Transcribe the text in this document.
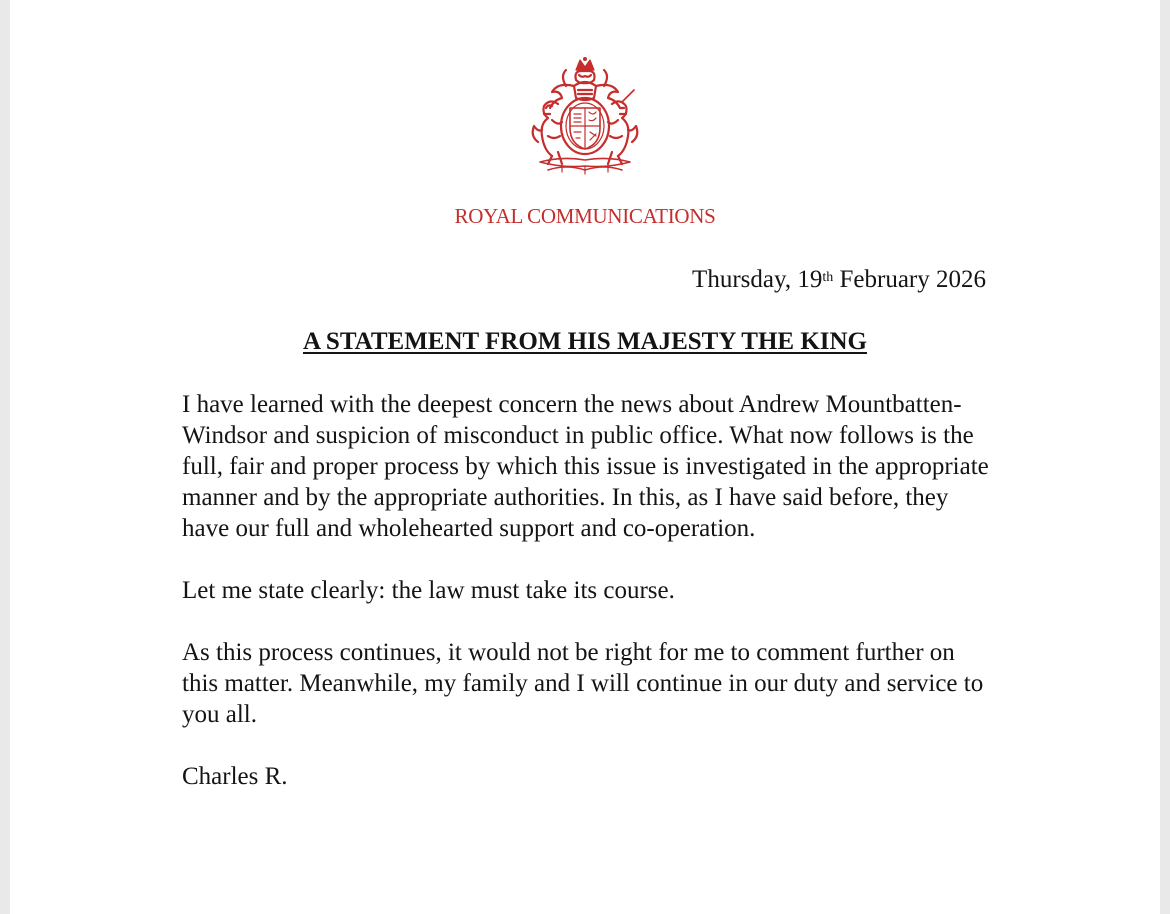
ROYAL COMMUNICATIONS
Thursday, 19th February 2026
A STATEMENT FROM HIS MAJESTY THE KING

I have learned with the deepest concern the news about Andrew Mountbatten-Windsor and suspicion of misconduct in public office. What now follows is the full, fair and proper process by which this issue is investigated in the appropriate manner and by the appropriate authorities. In this, as I have said before, they have our full and wholehearted support and co-operation.

Let me state clearly: the law must take its course.

As this process continues, it would not be right for me to comment further on this matter. Meanwhile, my family and I will continue in our duty and service to you all.

Charles R.
